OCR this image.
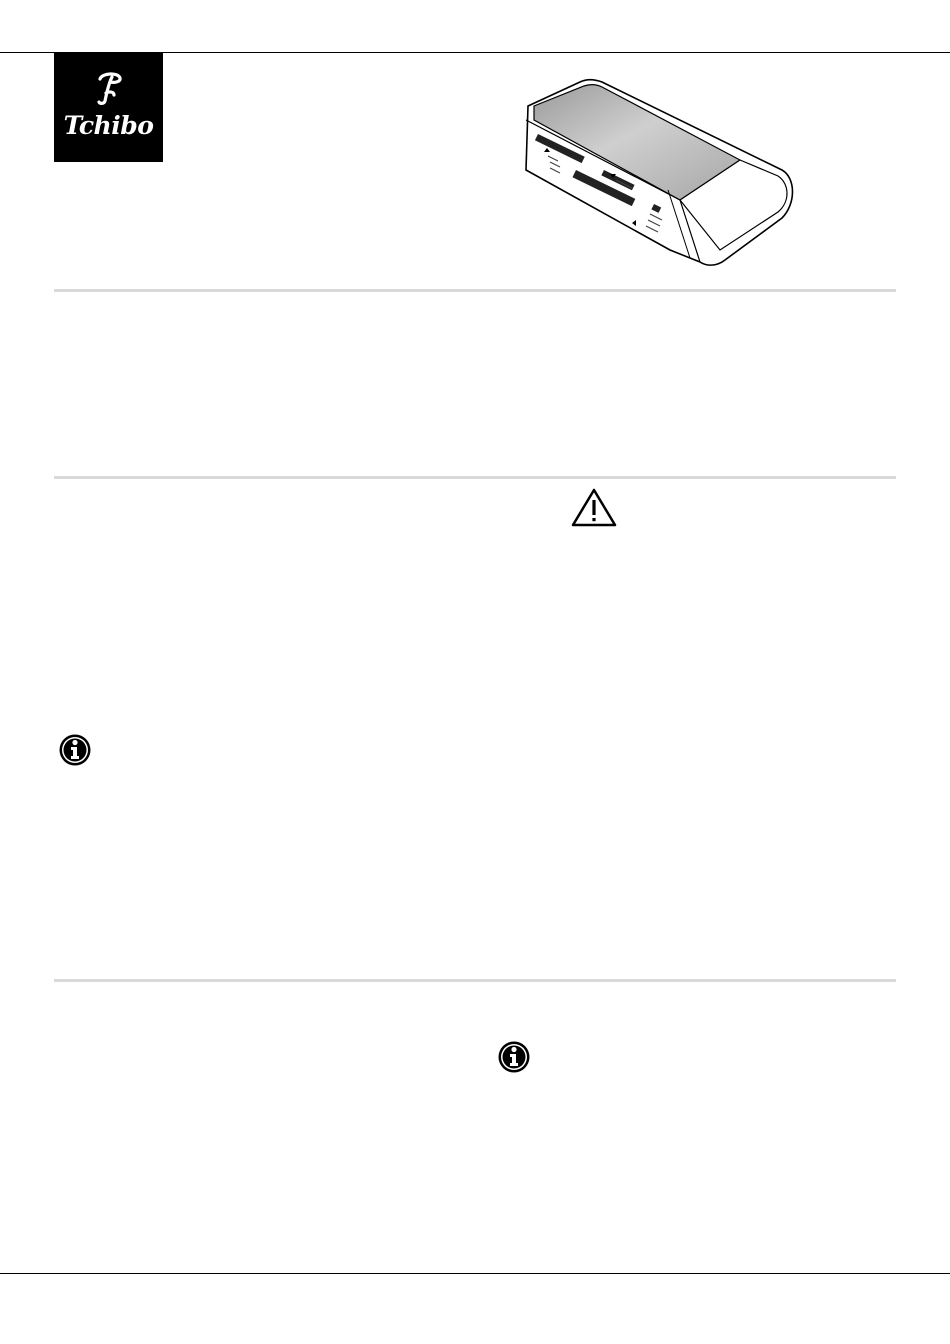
Tchibo
